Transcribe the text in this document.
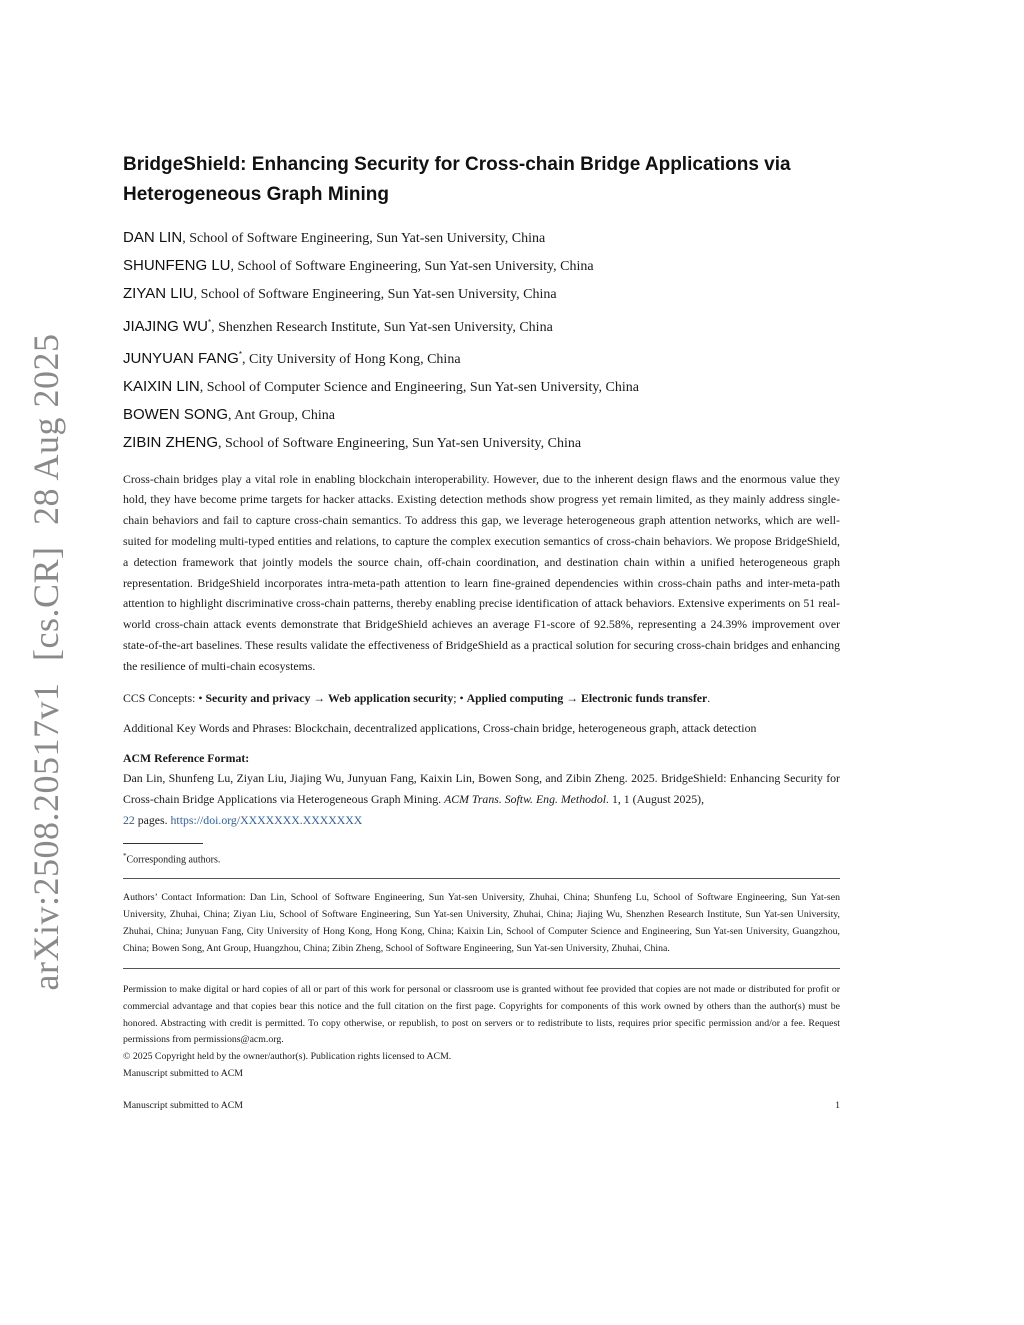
arXiv:2508.20517v1 [cs.CR] 28 Aug 2025
BridgeShield: Enhancing Security for Cross-chain Bridge Applications via Heterogeneous Graph Mining
DAN LIN, School of Software Engineering, Sun Yat-sen University, China
SHUNFENG LU, School of Software Engineering, Sun Yat-sen University, China
ZIYAN LIU, School of Software Engineering, Sun Yat-sen University, China
JIAJING WU*, Shenzhen Research Institute, Sun Yat-sen University, China
JUNYUAN FANG*, City University of Hong Kong, China
KAIXIN LIN, School of Computer Science and Engineering, Sun Yat-sen University, China
BOWEN SONG, Ant Group, China
ZIBIN ZHENG, School of Software Engineering, Sun Yat-sen University, China

Cross-chain bridges play a vital role in enabling blockchain interoperability. However, due to the inherent design flaws and the enormous value they hold, they have become prime targets for hacker attacks. Existing detection methods show progress yet remain limited, as they mainly address single-chain behaviors and fail to capture cross-chain semantics. To address this gap, we leverage heterogeneous graph attention networks, which are well-suited for modeling multi-typed entities and relations, to capture the complex execution semantics of cross-chain behaviors. We propose BridgeShield, a detection framework that jointly models the source chain, off-chain coordination, and destination chain within a unified heterogeneous graph representation. BridgeShield incorporates intra-meta-path attention to learn fine-grained dependencies within cross-chain paths and inter-meta-path attention to highlight discriminative cross-chain patterns, thereby enabling precise identification of attack behaviors. Extensive experiments on 51 real-world cross-chain attack events demonstrate that BridgeShield achieves an average F1-score of 92.58%, representing a 24.39% improvement over state-of-the-art baselines. These results validate the effectiveness of BridgeShield as a practical solution for securing cross-chain bridges and enhancing the resilience of multi-chain ecosystems.

CCS Concepts: • Security and privacy → Web application security; • Applied computing → Electronic funds transfer.
Additional Key Words and Phrases: Blockchain, decentralized applications, Cross-chain bridge, heterogeneous graph, attack detection
ACM Reference Format:
Dan Lin, Shunfeng Lu, Ziyan Liu, Jiajing Wu, Junyuan Fang, Kaixin Lin, Bowen Song, and Zibin Zheng. 2025. BridgeShield: Enhancing Security for Cross-chain Bridge Applications via Heterogeneous Graph Mining. ACM Trans. Softw. Eng. Methodol. 1, 1 (August 2025),
22 pages. https://doi.org/XXXXXXX.XXXXXXX
*Corresponding authors.
Authors’ Contact Information: Dan Lin, School of Software Engineering, Sun Yat-sen University, Zhuhai, China; Shunfeng Lu, School of Software Engineering, Sun Yat-sen University, Zhuhai, China; Ziyan Liu, School of Software Engineering, Sun Yat-sen University, Zhuhai, China; Jiajing Wu, Shenzhen Research Institute, Sun Yat-sen University, Zhuhai, China; Junyuan Fang, City University of Hong Kong, Hong Kong, China; Kaixin Lin, School of Computer Science and Engineering, Sun Yat-sen University, Guangzhou, China; Bowen Song, Ant Group, Huangzhou, China; Zibin Zheng, School of Software Engineering, Sun Yat-sen University, Zhuhai, China.
Permission to make digital or hard copies of all or part of this work for personal or classroom use is granted without fee provided that copies are not made or distributed for profit or commercial advantage and that copies bear this notice and the full citation on the first page. Copyrights for components of this work owned by others than the author(s) must be honored. Abstracting with credit is permitted. To copy otherwise, or republish, to post on servers or to redistribute to lists, requires prior specific permission and/or a fee. Request permissions from permissions@acm.org.
© 2025 Copyright held by the owner/author(s). Publication rights licensed to ACM.
Manuscript submitted to ACM
Manuscript submitted to ACM	1
